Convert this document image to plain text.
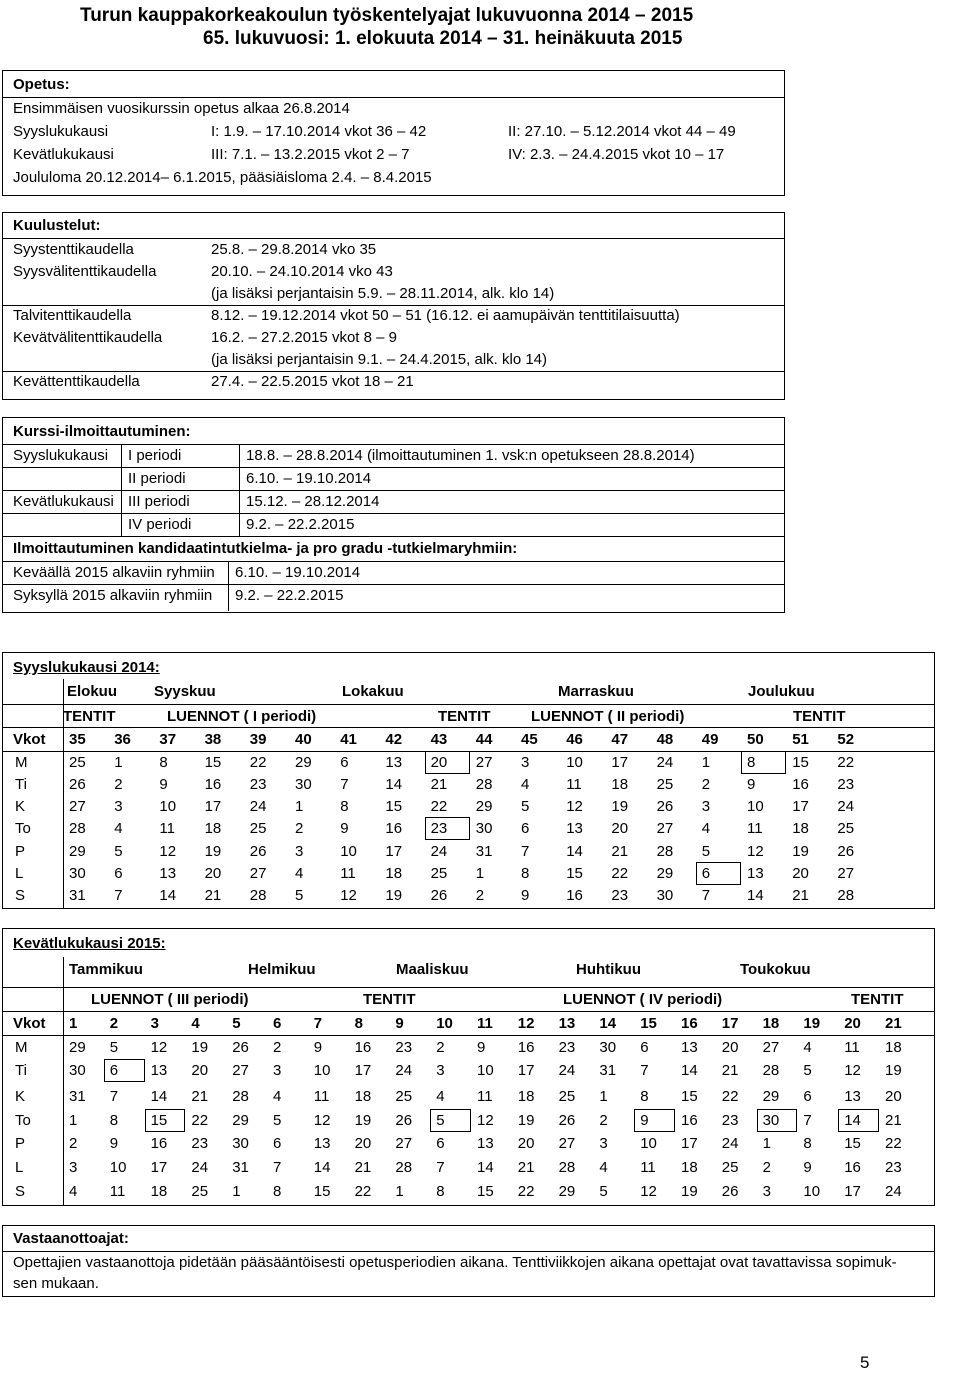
Turun kauppakorkeakoulun työskentelyajat lukuvuonna 2014 – 2015
65. lukuvuosi: 1. elokuuta 2014 – 31. heinäkuuta 2015
Opetus:
Ensimmäisen vuosikurssin opetus alkaa 26.8.2014
Syyslukukausi	I: 1.9. – 17.10.2014 vkot 36 – 42	II: 27.10. – 5.12.2014 vkot 44 – 49
Kevätlukukausi	III: 7.1. – 13.2.2015 vkot 2 – 7	IV: 2.3. – 24.4.2015 vkot 10 – 17
Joululoma 20.12.2014– 6.1.2015, pääsiäisloma 2.4. – 8.4.2015
Kuulustelut:
Syystenttikaudella	25.8. – 29.8.2014 vko 35
Syysvälitenttikaudella	20.10. – 24.10.2014 vko 43
(ja lisäksi perjantaisin 5.9. – 28.11.2014, alk. klo 14)
Talvitenttikaudella	8.12. – 19.12.2014 vkot 50 – 51 (16.12. ei aamupäivän tenttitilaisuutta)
Kevätvälitenttikaudella	16.2. – 27.2.2015 vkot 8 – 9
(ja lisäksi perjantaisin 9.1. – 24.4.2015, alk. klo 14)
Kevättenttikaudella	27.4. – 22.5.2015 vkot 18 – 21
Kurssi-ilmoittautuminen:
Ilmoittautuminen kandidaatintutkielma- ja pro gradu -tutkielmaryhmiin:
Syyslukukausi I periodi	18.8. – 28.8.2014 (ilmoittautuminen 1. vsk:n opetukseen 28.8.2014)
II periodi	6.10. – 19.10.2014
Kevätlukukausi III periodi	15.12. – 28.12.2014
IV periodi	9.2. – 22.2.2015
Keväällä 2015 alkaviin ryhmiin 6.10. – 19.10.2014
Syksyllä 2015 alkaviin ryhmiin 9.2. – 22.2.2015
Syyslukukausi 2014:
Elokuu Syyskuu	Lokakuu	Marraskuu	Joulukuu
TENTIT	LUENNOT ( I periodi)	TENTIT	LUENNOT ( II periodi)	TENTIT
Vkot 35 36 37 38 39 40 41 42 43 44 45 46 47 48 49 50 51 52
M	25 1 8 15 22 29 6 13 20 27 3 10 17 24 1 8 15 22
Ti	26 2 9 16 23 30 7 14 21 28 4 11 18 25 2 9 16 23
K	27 3 10 17 24 1 8 15 22 29 5 12 19 26 3 10 17 24
To	28 4 11 18 25 2 9 16 23 30 6 13 20 27 4 11 18 25
P	29 5 12 19 26 3 10 17 24 31 7 14 21 28 5 12 19 26
L	30 6 13 20 27 4 11 18 25 1 8 15 22 29 6 13 20 27
S	31 7 14 21 28 5 12 19 26 2 9 16 23 30 7 14 21 28
Kevätlukukausi 2015:
Tammikuu	Helmikuu	Maaliskuu	Huhtikuu	Toukokuu
LUENNOT ( III periodi)	TENTIT	LUENNOT ( IV periodi)	TENTIT
Vkot 1 2 3 4 5 6 7 8 9 10 11 12 13 14 15 16 17 18 19 20 21
M	29 5 12 19 26 2 9 16 23 2 9 16 23 30 6 13 20 27 4 11 18
Ti	30 6 13 20 27 3 10 17 24 3 10 17 24 31 7 14 21 28 5 12 19
K	31 7 14 21 28 4 11 18 25 4 11 18 25 1 8 15 22 29 6 13 20
To	1 8 15 22 29 5 12 19 26 5 12 19 26 2 9 16 23 30 7 14 21
P	2 9 16 23 30 6 13 20 27 6 13 20 27 3 10 17 24 1 8 15 22
L	3 10 17 24 31 7 14 21 28 7 14 21 28 4 11 18 25 2 9 16 23
S	4 11 18 25 1 8 15 22 1 8 15 22 29 5 12 19 26 3 10 17 24
Vastaanottoajat:
Opettajien vastaanottoja pidetään pääsääntöisesti opetusperiodien aikana. Tenttiviikkojen aikana opettajat ovat tavattavissa sopimuk-
sen mukaan.
5
